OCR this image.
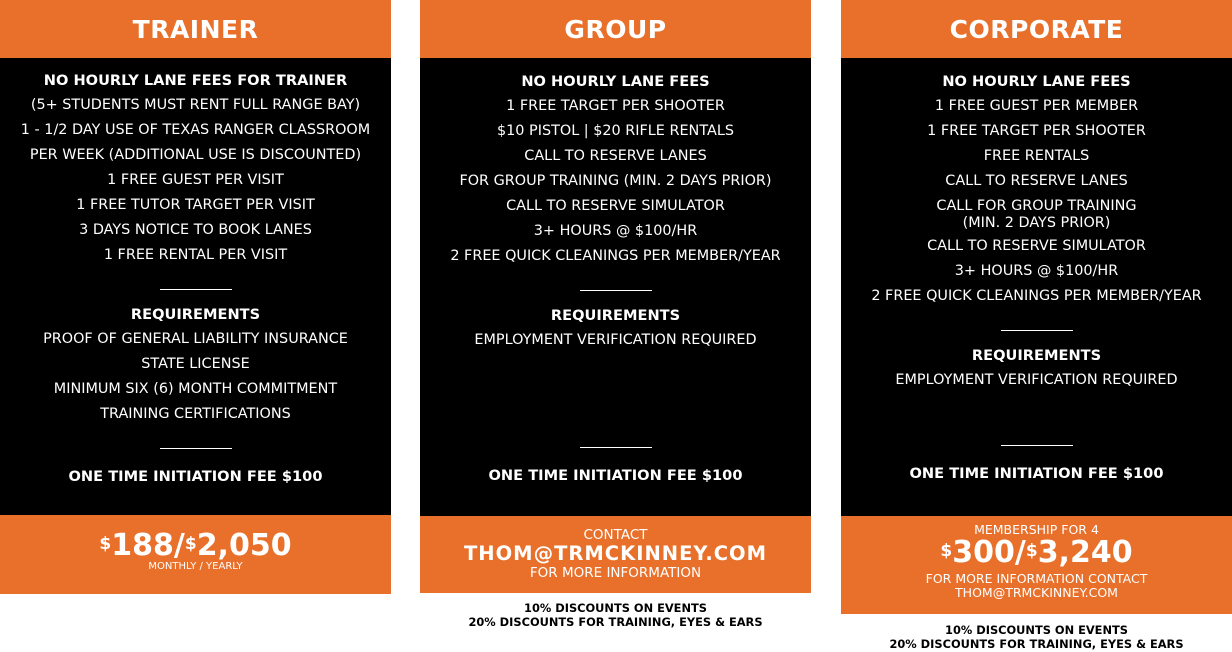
TRAINER
NO HOURLY LANE FEES FOR TRAINER
(5+ STUDENTS MUST RENT FULL RANGE BAY)
1 - 1/2 DAY USE OF TEXAS RANGER CLASSROOM
PER WEEK (ADDITIONAL USE IS DISCOUNTED)
1 FREE GUEST PER VISIT
1 FREE TUTOR TARGET PER VISIT
3 DAYS NOTICE TO BOOK LANES
1 FREE RENTAL PER VISIT
REQUIREMENTS
PROOF OF GENERAL LIABILITY INSURANCE
STATE LICENSE
MINIMUM SIX (6) MONTH COMMITMENT
TRAINING CERTIFICATIONS
ONE TIME INITIATION FEE $100
$188/$2,050
MONTHLY / YEARLY
GROUP
NO HOURLY LANE FEES
1 FREE TARGET PER SHOOTER
$10 PISTOL | $20 RIFLE RENTALS
CALL TO RESERVE LANES
FOR GROUP TRAINING (MIN. 2 DAYS PRIOR)
CALL TO RESERVE SIMULATOR
3+ HOURS @ $100/HR
2 FREE QUICK CLEANINGS PER MEMBER/YEAR
REQUIREMENTS
EMPLOYMENT VERIFICATION REQUIRED
ONE TIME INITIATION FEE $100
CONTACT
THOM@TRMCKINNEY.COM
FOR MORE INFORMATION
10% DISCOUNTS ON EVENTS
20% DISCOUNTS FOR TRAINING, EYES & EARS
CORPORATE
NO HOURLY LANE FEES
1 FREE GUEST PER MEMBER
1 FREE TARGET PER SHOOTER
FREE RENTALS
CALL TO RESERVE LANES
CALL FOR GROUP TRAINING
(MIN. 2 DAYS PRIOR)
CALL TO RESERVE SIMULATOR
3+ HOURS @ $100/HR
2 FREE QUICK CLEANINGS PER MEMBER/YEAR
REQUIREMENTS
EMPLOYMENT VERIFICATION REQUIRED
ONE TIME INITIATION FEE $100
MEMBERSHIP FOR 4
$300/$3,240
FOR MORE INFORMATION CONTACT
THOM@TRMCKINNEY.COM
10% DISCOUNTS ON EVENTS
20% DISCOUNTS FOR TRAINING, EYES & EARS
